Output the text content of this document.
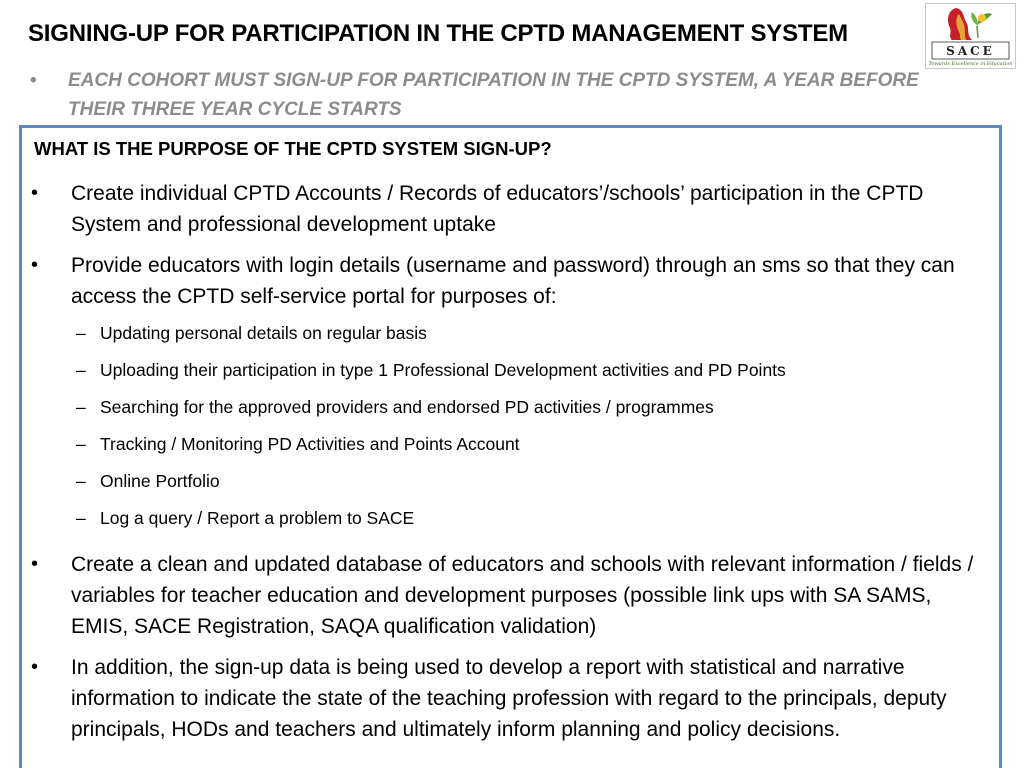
SIGNING-UP FOR PARTICIPATION IN THE CPTD MANAGEMENT SYSTEM
SACE
Towards Excellence in Education
•	EACH COHORT MUST SIGN-UP FOR PARTICIPATION IN THE CPTD SYSTEM, A YEAR BEFORE THEIR THREE YEAR CYCLE STARTS
WHAT IS THE PURPOSE OF THE CPTD SYSTEM SIGN-UP?
•	Create individual CPTD Accounts / Records of educators’/schools’ participation in the CPTD System and professional development uptake
•	Provide educators with login details (username and password) through an sms so that they can access the CPTD self-service portal for purposes of:
– Updating personal details on regular basis
– Uploading their participation in type 1 Professional Development activities and PD Points
– Searching for the approved providers and endorsed PD activities / programmes
– Tracking / Monitoring PD Activities and Points Account
– Online Portfolio
– Log a query / Report a problem to SACE
•	Create a clean and updated database of educators and schools with relevant information / fields / variables for teacher education and development purposes (possible link ups with SA SAMS, EMIS, SACE Registration, SAQA qualification validation)
•	In addition, the sign-up data is being used to develop a report with statistical and narrative information to indicate the state of the teaching profession with regard to the principals, deputy principals, HODs and teachers and ultimately inform planning and policy decisions.
